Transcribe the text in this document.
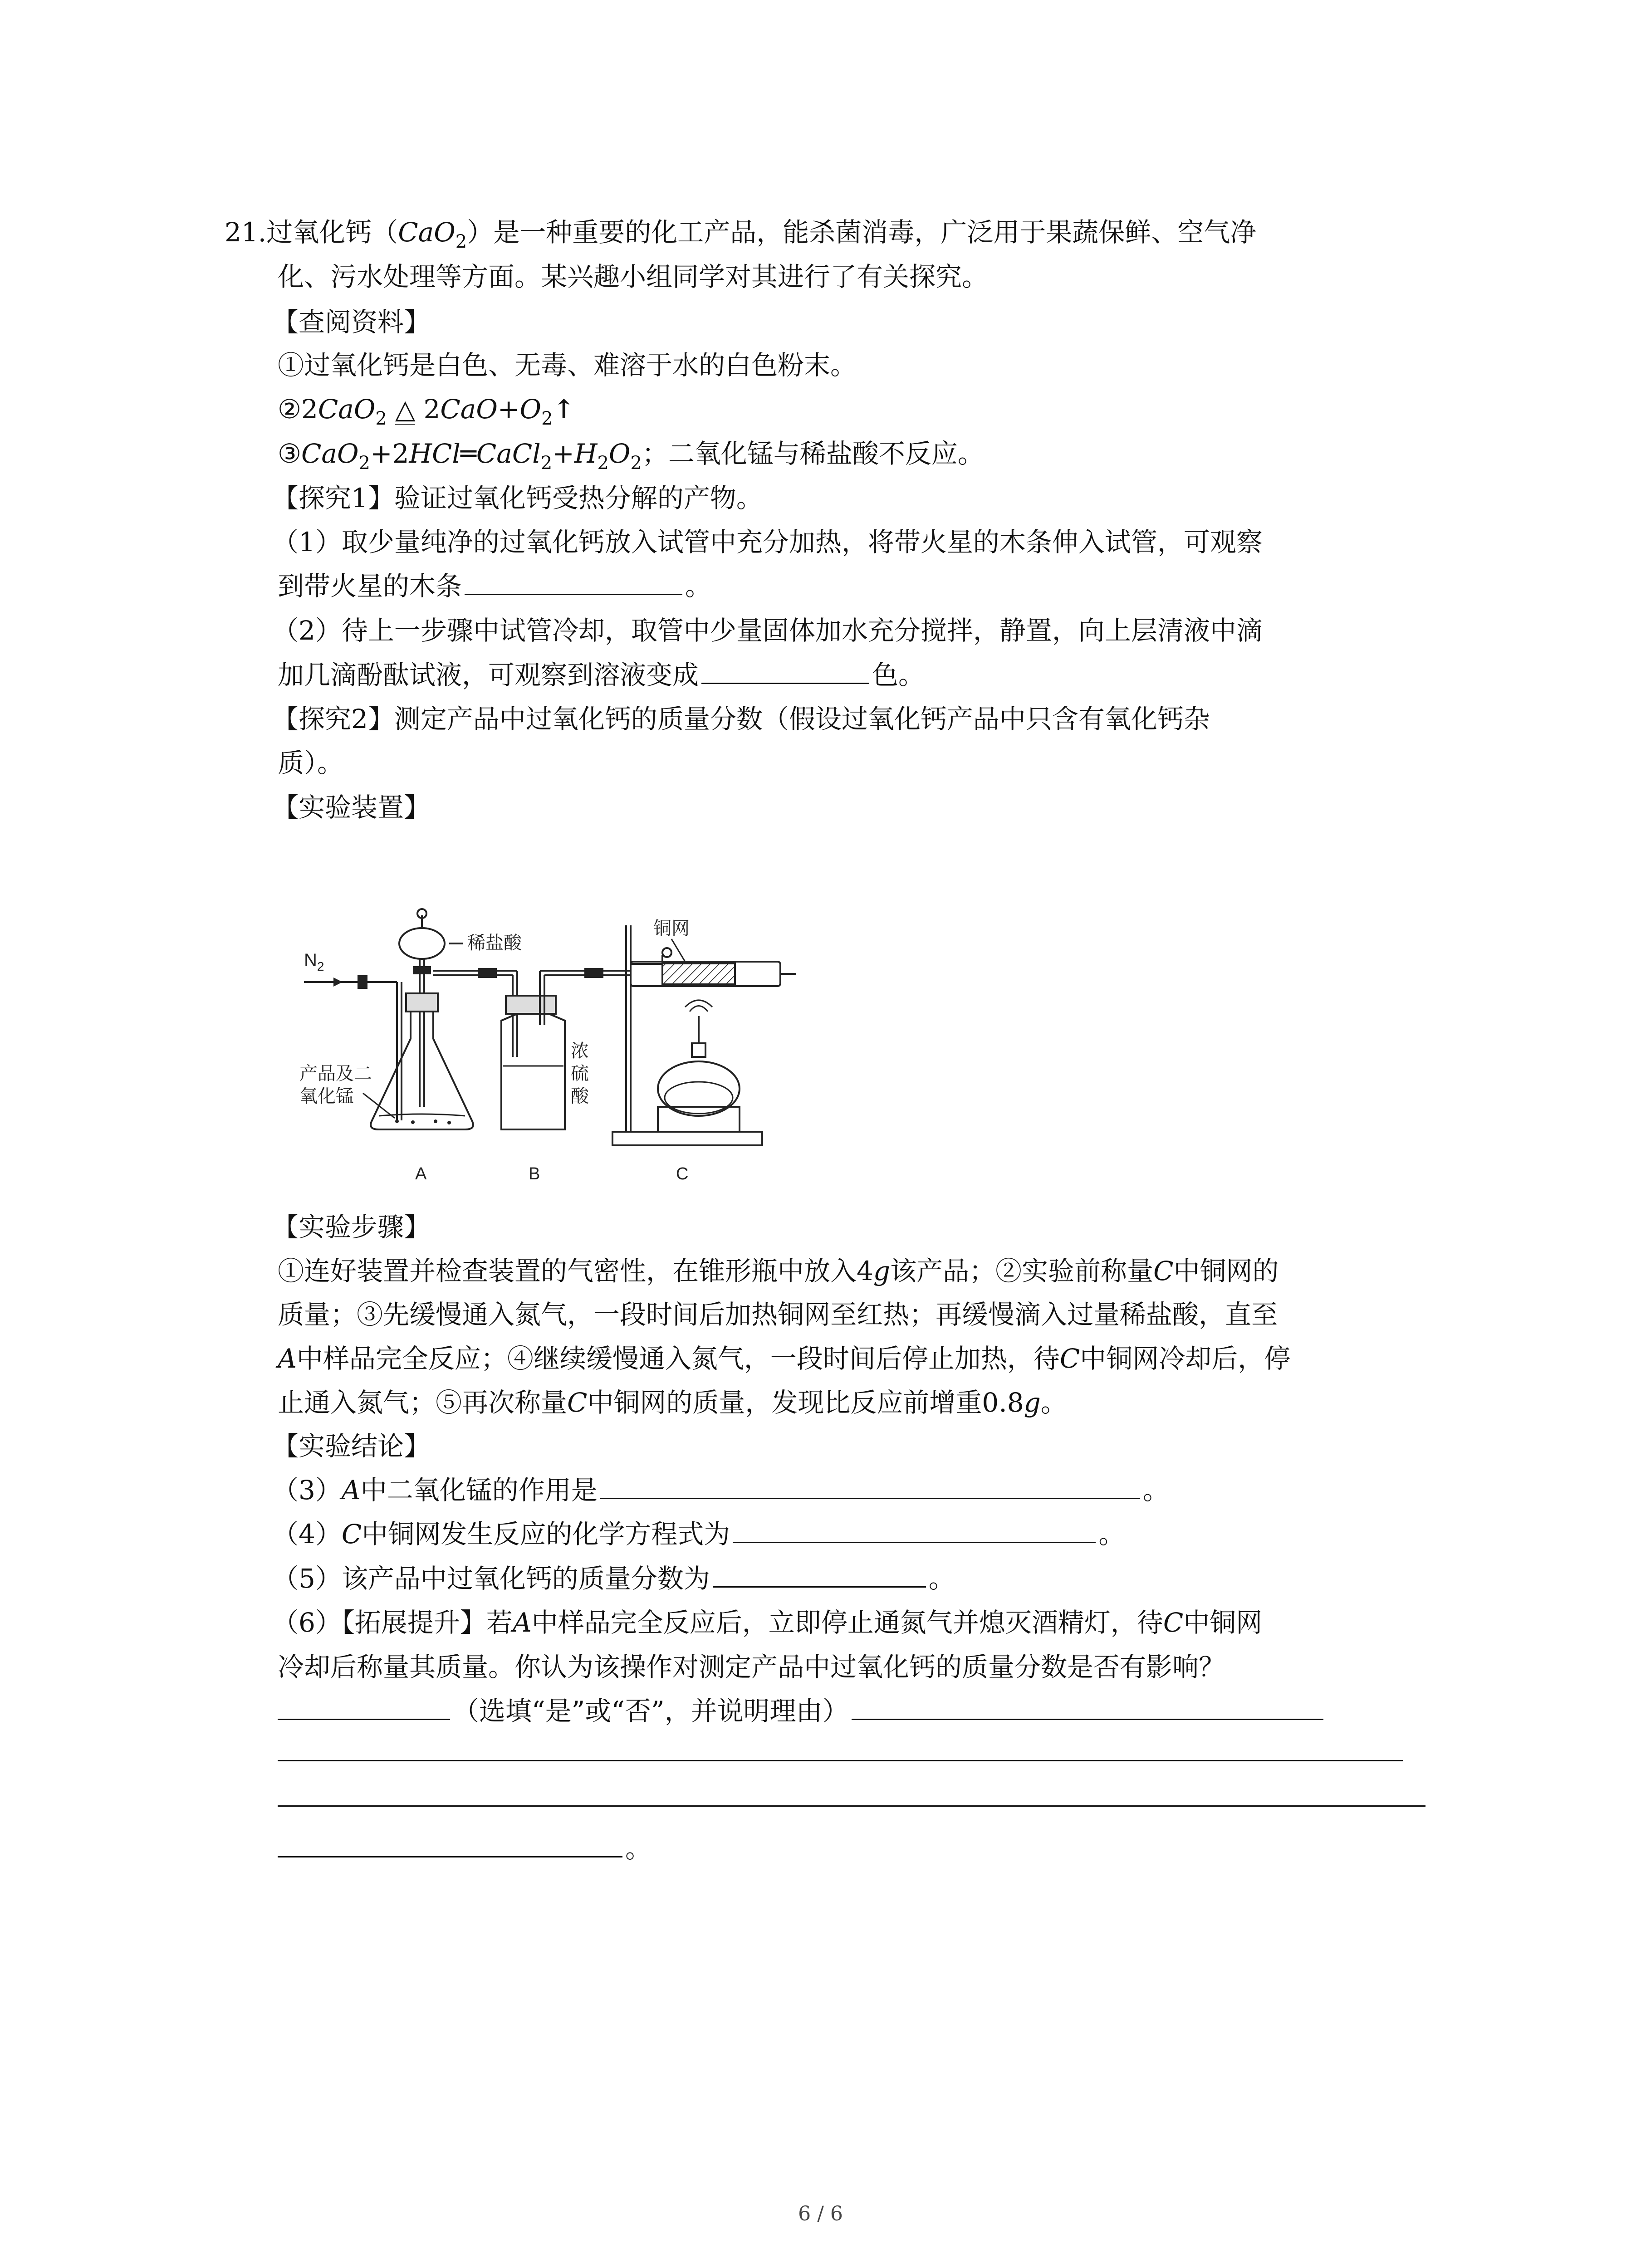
21.过氧化钙（CaO$_2$）是一种重要的化工产品，能杀菌消毒，广泛用于果蔬保鲜、空气净
化、污水处理等方面。某兴趣小组同学对其进行了有关探究。
【查阅资料】
①过氧化钙是白色、无毒、难溶于水的白色粉末。
②2CaO$_2$ △ $2CaO+O_2↑$
$③CaO_2+2HCl═CaCl_2+H_2O_2$；二氧化锰与稀盐酸不反应。
【探究1】验证过氧化钙受热分解的产物。
（1）取少量纯净的过氧化钙放入试管中充分加热，将带火星的木条伸入试管，可观察
到带火星的木条	。
（2）待上一步骤中试管冷却，取管中少量固体加水充分搅拌，静置，向上层清液中滴
加几滴酚酞试液，可观察到溶液变成	色。
【探究2】测定产品中过氧化钙的质量分数（假设过氧化钙产品中只含有氧化钙杂
质）。
【实验装置】
$N_2$
稀盐酸
铜网
产品及二
氧化锰
浓
硫
酸
A	B	C
【实验步骤】
①连好装置并检查装置的气密性，在锥形瓶中放入4g该产品；②实验前称量C中铜网的
质量；③先缓慢通入氮气，一段时间后加热铜网至红热；再缓慢滴入过量稀盐酸，直至
A中样品完全反应；④继续缓慢通入氮气，一段时间后停止加热，待C中铜网冷却后，停
止通入氮气；⑤再次称量C中铜网的质量，发现比反应前增重0.8g。
【实验结论】
（3）A中二氧化锰的作用是	。
（4）C中铜网发生反应的化学方程式为	。
（5）该产品中过氧化钙的质量分数为	。
（6）【拓展提升】若A中样品完全反应后，立即停止通氮气并熄灭酒精灯，待C中铜网
冷却后称量其质量。你认为该操作对测定产品中过氧化钙的质量分数是否有影响？
（选填“是”或“否”，并说明理由）
。
6 / 6
